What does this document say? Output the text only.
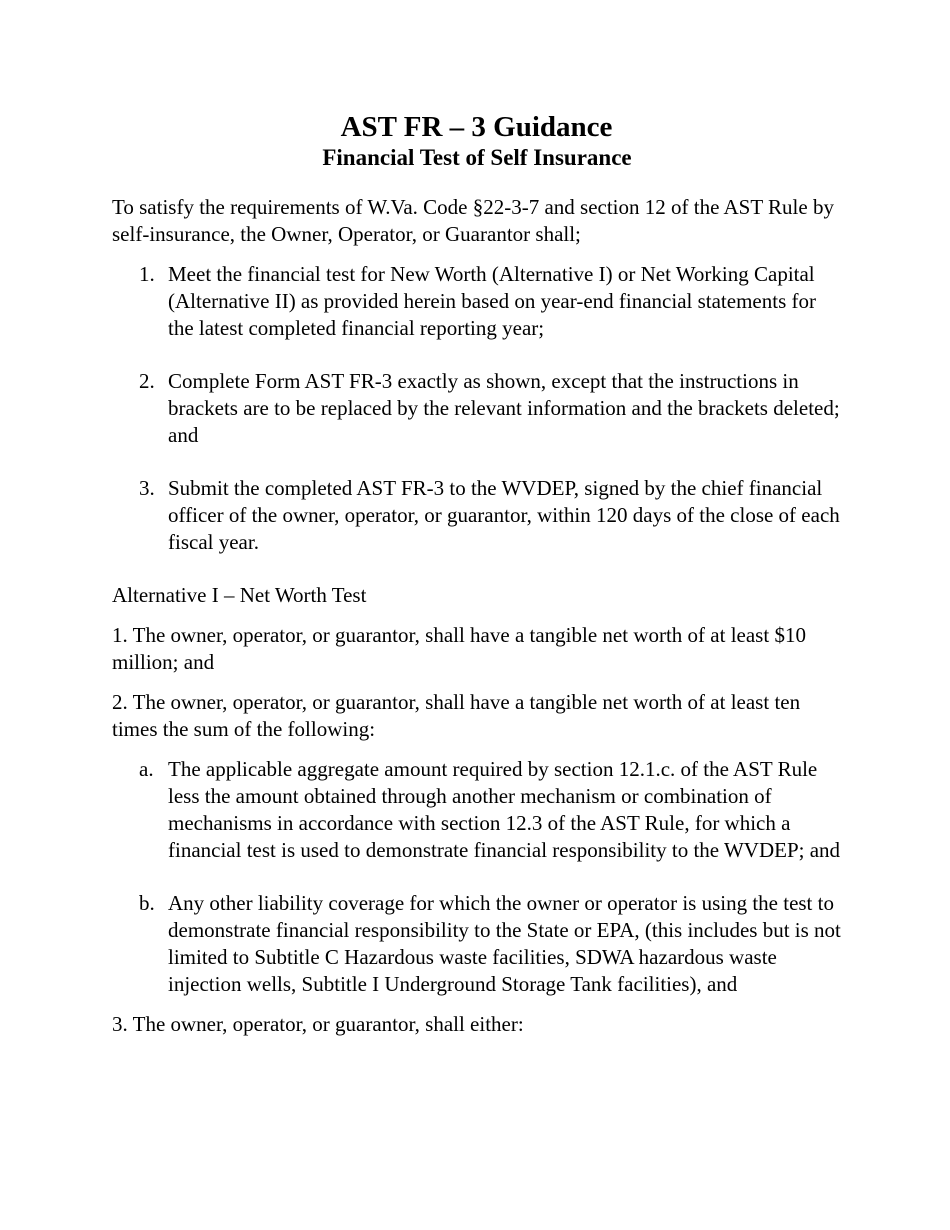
AST FR – 3 Guidance
Financial Test of Self Insurance

To satisfy the requirements of W.Va. Code §22-3-7 and section 12 of the AST Rule by self-insurance, the Owner, Operator, or Guarantor shall;

1. Meet the financial test for New Worth (Alternative I) or Net Working Capital (Alternative II) as provided herein based on year-end financial statements for the latest completed financial reporting year;
2. Complete Form AST FR-3 exactly as shown, except that the instructions in brackets are to be replaced by the relevant information and the brackets deleted; and
3. Submit the completed AST FR-3 to the WVDEP, signed by the chief financial officer of the owner, operator, or guarantor, within 120 days of the close of each fiscal year.

Alternative I – Net Worth Test

1. The owner, operator, or guarantor, shall have a tangible net worth of at least $10 million; and

2. The owner, operator, or guarantor, shall have a tangible net worth of at least ten times the sum of the following:

a. The applicable aggregate amount required by section 12.1.c. of the AST Rule less the amount obtained through another mechanism or combination of mechanisms in accordance with section 12.3 of the AST Rule, for which a financial test is used to demonstrate financial responsibility to the WVDEP; and
b. Any other liability coverage for which the owner or operator is using the test to demonstrate financial responsibility to the State or EPA, (this includes but is not limited to Subtitle C Hazardous waste facilities, SDWA hazardous waste injection wells, Subtitle I Underground Storage Tank facilities), and

3. The owner, operator, or guarantor, shall either:
